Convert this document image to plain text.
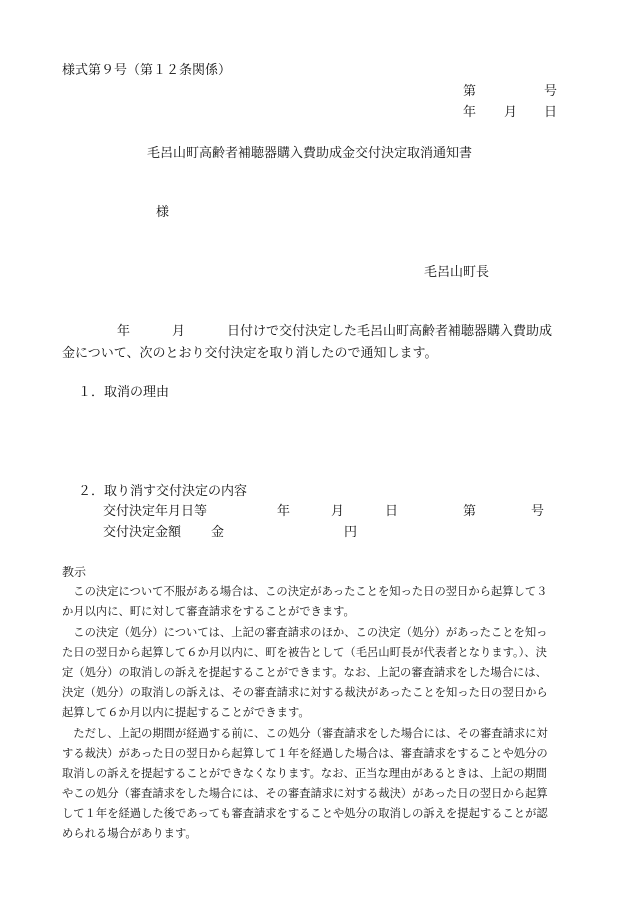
様式第９号（第１２条関係）
第	号
年 月 日
毛呂山町高齢者補聴器購入費助成金交付決定取消通知書
様
毛呂山町長
年	月	日付けで交付決定した毛呂山町高齢者補聴器購入費助成
金について、次のとおり交付決定を取り消したので通知します。
１．取消の理由
２．取り消す交付決定の内容
交付決定年月日等	年	月	日	第	号
交付決定金額 金	円
教示
　この決定について不服がある場合は、この決定があったことを知った日の翌日から起算して３
か月以内に、町に対して審査請求をすることができます。
　この決定（処分）については、上記の審査請求のほか、この決定（処分）があったことを知っ
た日の翌日から起算して６か月以内に、町を被告として（毛呂山町長が代表者となります。）、決
定（処分）の取消しの訴えを提起することができます。なお、上記の審査請求をした場合には、
決定（処分）の取消しの訴えは、その審査請求に対する裁決があったことを知った日の翌日から
起算して６か月以内に提起することができます。
　ただし、上記の期間が経過する前に、この処分（審査請求をした場合には、その審査請求に対
する裁決）があった日の翌日から起算して１年を経過した場合は、審査請求をすることや処分の
取消しの訴えを提起することができなくなります。なお、正当な理由があるときは、上記の期間
やこの処分（審査請求をした場合には、その審査請求に対する裁決）があった日の翌日から起算
して１年を経過した後であっても審査請求をすることや処分の取消しの訴えを提起することが認
められる場合があります。
